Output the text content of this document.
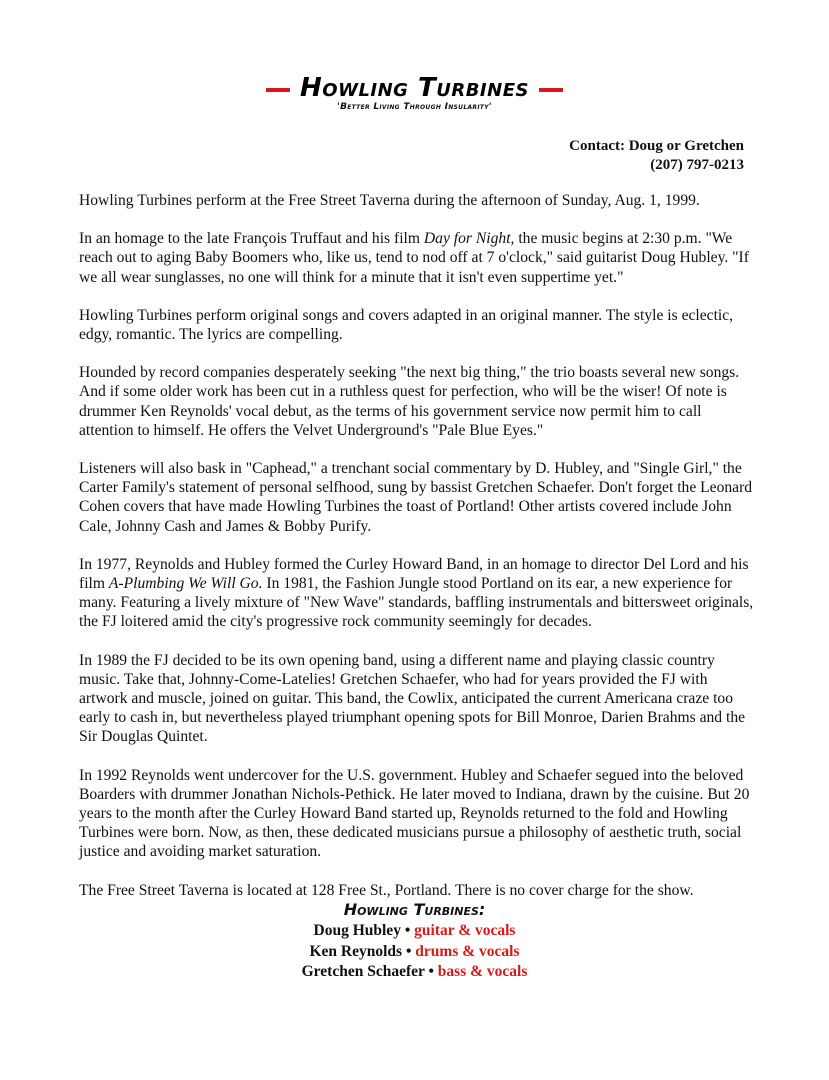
Howling Turbines
'Better Living Through Insularity'
Contact: Doug or Gretchen
(207) 797-0213

Howling Turbines perform at the Free Street Taverna during the afternoon of Sunday, Aug. 1, 1999.

In an homage to the late François Truffaut and his film Day for Night, the music begins at 2:30 p.m. "We reach out to aging Baby Boomers who, like us, tend to nod off at 7 o'clock," said guitarist Doug Hubley. "If we all wear sunglasses, no one will think for a minute that it isn't even suppertime yet."

Howling Turbines perform original songs and covers adapted in an original manner. The style is eclectic, edgy, romantic. The lyrics are compelling.

Hounded by record companies desperately seeking "the next big thing," the trio boasts several new songs. And if some older work has been cut in a ruthless quest for perfection, who will be the wiser! Of note is drummer Ken Reynolds' vocal debut, as the terms of his government service now permit him to call attention to himself. He offers the Velvet Underground's "Pale Blue Eyes."

Listeners will also bask in "Caphead," a trenchant social commentary by D. Hubley, and "Single Girl," the Carter Family's statement of personal selfhood, sung by bassist Gretchen Schaefer. Don't forget the Leonard Cohen covers that have made Howling Turbines the toast of Portland! Other artists covered include John Cale, Johnny Cash and James & Bobby Purify.

In 1977, Reynolds and Hubley formed the Curley Howard Band, in an homage to director Del Lord and his film A-Plumbing We Will Go. In 1981, the Fashion Jungle stood Portland on its ear, a new experience for many. Featuring a lively mixture of "New Wave" standards, baffling instrumentals and bittersweet originals, the FJ loitered amid the city's progressive rock community seemingly for decades.

In 1989 the FJ decided to be its own opening band, using a different name and playing classic country music. Take that, Johnny-Come-Latelies! Gretchen Schaefer, who had for years provided the FJ with artwork and muscle, joined on guitar. This band, the Cowlix, anticipated the current Americana craze too early to cash in, but nevertheless played triumphant opening spots for Bill Monroe, Darien Brahms and the Sir Douglas Quintet.

In 1992 Reynolds went undercover for the U.S. government. Hubley and Schaefer segued into the beloved Boarders with drummer Jonathan Nichols-Pethick. He later moved to Indiana, drawn by the cuisine. But 20 years to the month after the Curley Howard Band started up, Reynolds returned to the fold and Howling Turbines were born. Now, as then, these dedicated musicians pursue a philosophy of aesthetic truth, social justice and avoiding market saturation.

The Free Street Taverna is located at 128 Free St., Portland. There is no cover charge for the show.

Howling Turbines:
Doug Hubley • guitar & vocals
Ken Reynolds • drums & vocals
Gretchen Schaefer • bass & vocals
